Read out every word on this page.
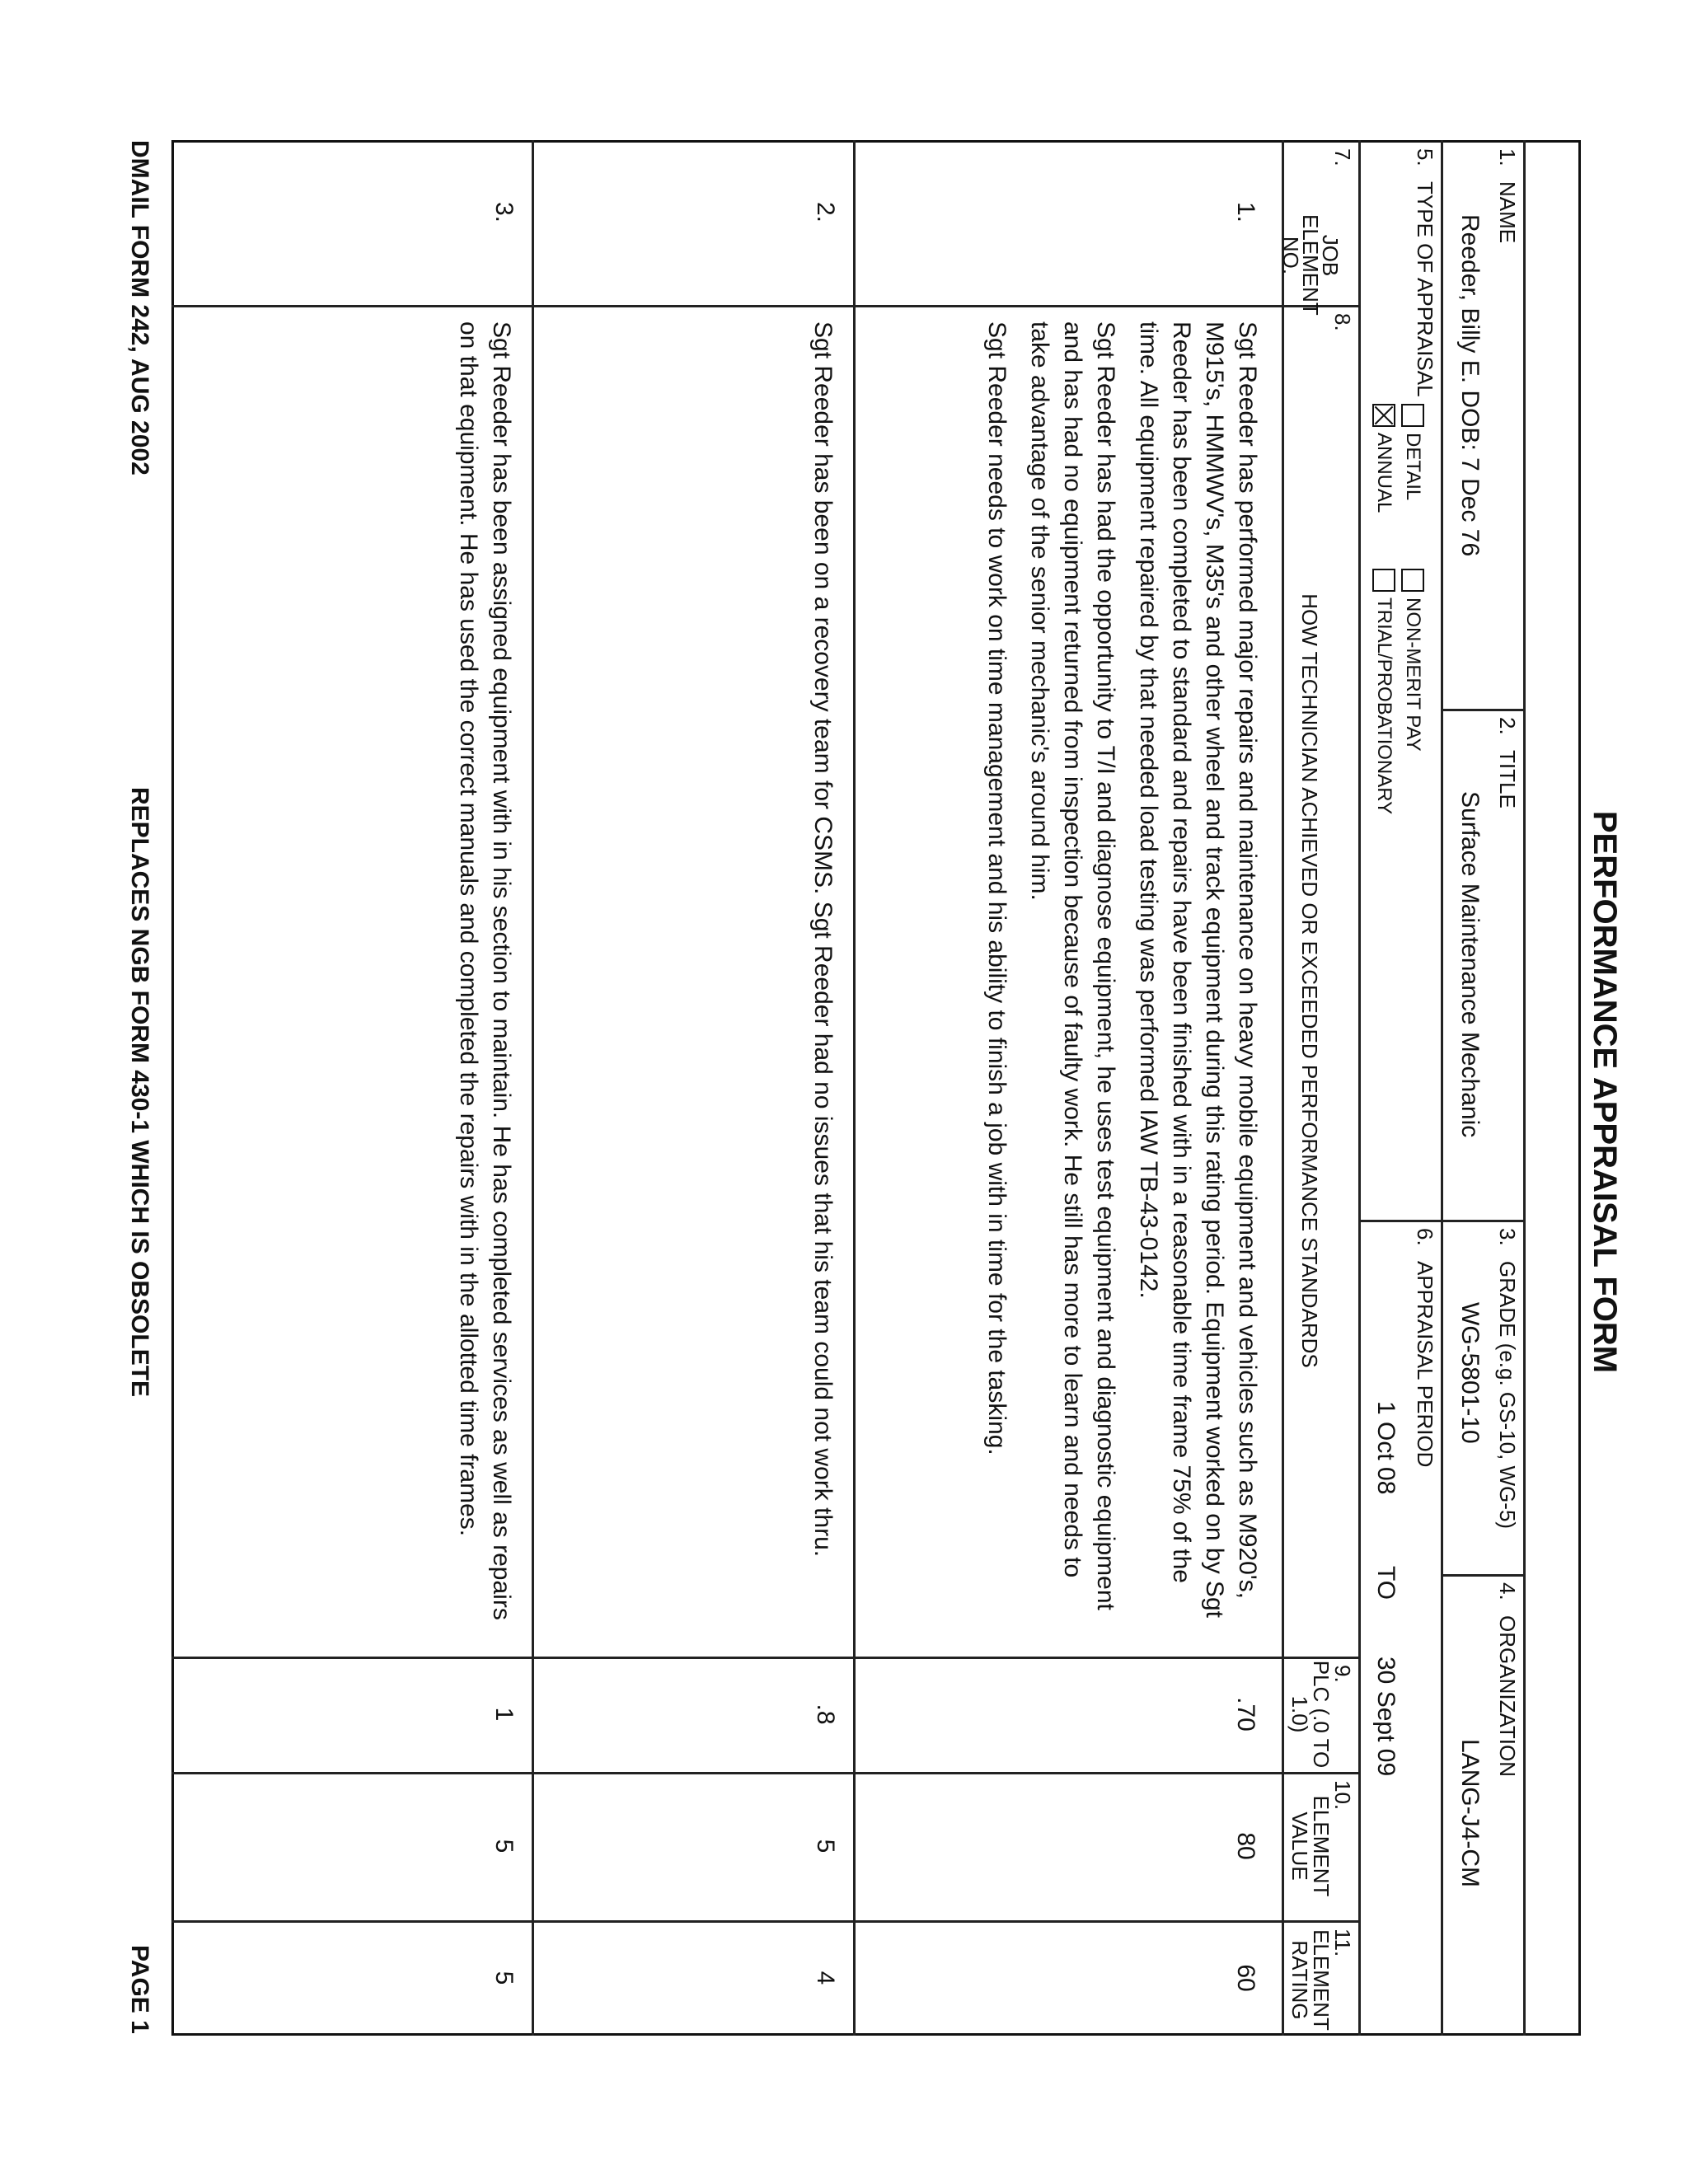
PERFORMANCE APPRAISAL FORM
1.
NAME
Reeder, Billy E. DOB: 7 Dec 76
2.
TITLE
Surface Maintenance Mechanic
3.
GRADE (e.g. GS-10, WG-5)
WG-5801-10
4.
ORGANIZATION
LANG-J4-CM
5.
TYPE OF APPRAISAL
DETAIL
ANNUAL
NON-MERIT PAY
TRIAL/PROBATIONARY
6.
APPRAISAL PERIOD
1 Oct 08
TO
30 Sept 09
7.
JOB ELEMENT NO.
8.
HOW TECHNICIAN ACHIEVED OR EXCEEDED PERFORMANCE STANDARDS
9.
PLC (.0 TO 1.0)
10.
ELEMENT VALUE
11.
ELEMENT RATING
1.

Sgt Reeder has performed major repairs and maintenance on heavy mobile equipment and vehicles such as M920's, M915's, HMMWV's, M35's and other wheel and track equipment during this rating period. Equipment worked on by Sgt Reeder has been completed to standard and repairs have been finished with in a reasonable time frame 75% of the time. All equipment repaired by that needed load testing was performed IAW TB-43-0142.

Sgt Reeder has had the opportunity to T/I and diagnose equipment, he uses test equipment and diagnostic equipment and has had no equipment returned from inspection because of faulty work. He still has more to learn and needs to take advantage of the senior mechanic's around him.

Sgt Reeder needs to work on time management and his ability to finish a job with in time for the tasking.

.70
80
60
2.

Sgt Reeder has been on a recovery team for CSMS. Sgt Reeder had no issues that his team could not work thru.

.8
5
4
3.

Sgt Reeder has been assigned equipment with in his section to maintain. He has completed services as well as repairs on that equipment. He has used the correct manuals and completed the repairs with in the allotted time frames.

1
5
5
DMAIL FORM 242, AUG 2002
REPLACES NGB FORM 430-1 WHICH IS OBSOLETE
PAGE 1
